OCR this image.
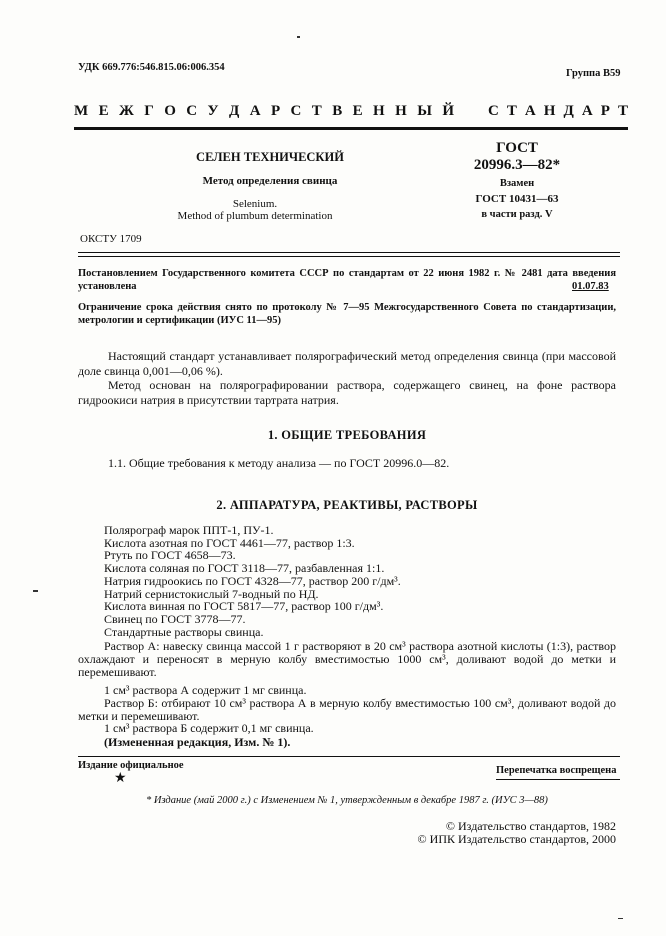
УДК 669.776:546.815.06:006.354
Группа В59
М Е Ж Г О С У Д А Р С Т В Е Н Н Ы Й С Т А Н Д А Р Т
СЕЛЕН ТЕХНИЧЕСКИЙ
Метод определения свинца
Selenium.
Method of plumbum determination
ГОСТ
20996.3—82*
Взамен
ГОСТ 10431—63
в части разд. V
ОКСТУ 1709
Постановлением Государственного комитета СССР по стандартам от 22 июня 1982 г. № 2481 дата введения установлена	01.07.83
Ограничение срока действия снято по протоколу № 7—95 Межгосударственного Совета по стандартизации, метрологии и сертификации (ИУС 11—95)
Настоящий стандарт устанавливает полярографический метод определения свинца (при массовой доле свинца 0,001—0,06 %).
Метод основан на полярографировании раствора, содержащего свинец, на фоне раствора гидроокиси натрия в присутствии тартрата натрия.
1. ОБЩИЕ ТРЕБОВАНИЯ
1.1. Общие требования к методу анализа — по ГОСТ 20996.0—82.
2. АППАРАТУРА, РЕАКТИВЫ, РАСТВОРЫ
Полярограф марок ППТ-1, ПУ-1.
Кислота азотная по ГОСТ 4461—77, раствор 1:3.
Ртуть по ГОСТ 4658—73.
Кислота соляная по ГОСТ 3118—77, разбавленная 1:1.
Натрия гидроокись по ГОСТ 4328—77, раствор 200 г/дм³.
Натрий сернистокислый 7-водный по НД.
Кислота винная по ГОСТ 5817—77, раствор 100 г/дм³.
Свинец по ГОСТ 3778—77.
Стандартные растворы свинца.
Раствор А: навеску свинца массой 1 г растворяют в 20 см³ раствора азотной кислоты (1:3), раствор охлаждают и переносят в мерную колбу вместимостью 1000 см³, доливают водой до метки и перемешивают.
1 см³ раствора А содержит 1 мг свинца.
Раствор Б: отбирают 10 см³ раствора А в мерную колбу вместимостью 100 см³, доливают водой до метки и перемешивают.
1 см³ раствора Б содержит 0,1 мг свинца.
(Измененная редакция, Изм. № 1).
Издание официальное	Перепечатка воспрещена
★
* Издание (май 2000 г.) с Изменением № 1, утвержденным в декабре 1987 г. (ИУС 3—88)
© Издательство стандартов, 1982
© ИПК Издательство стандартов, 2000
